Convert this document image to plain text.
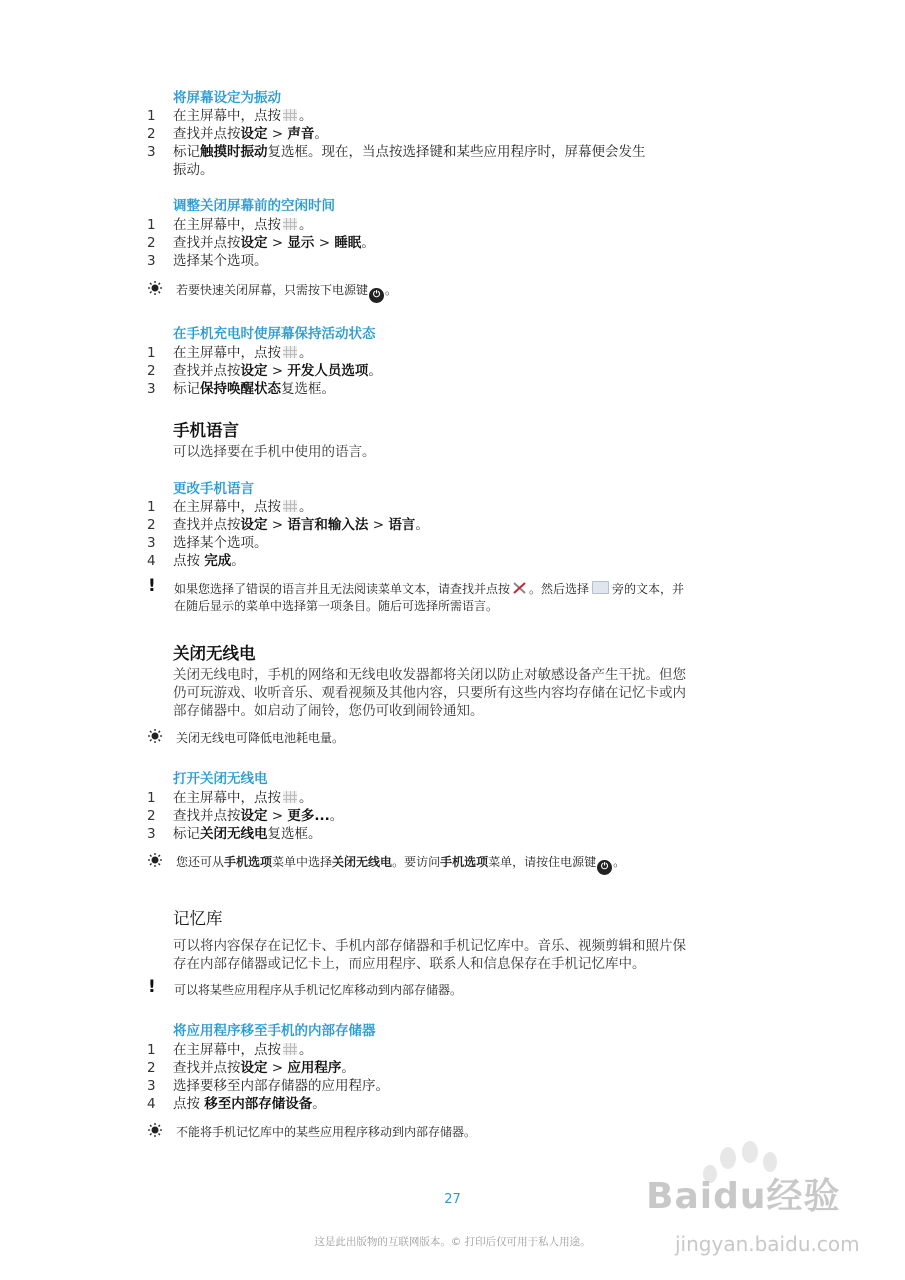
将屏幕设定为振动
1 在主屏幕中，点按 。
2 查找并点按设定 > 声音。
3 标记触摸时振动复选框。现在，当点按选择键和某些应用程序时，屏幕便会发生
振动。
调整关闭屏幕前的空闲时间
1 在主屏幕中，点按 。
2 查找并点按设定 > 显示 > 睡眠。
3 选择某个选项。
若要快速关闭屏幕，只需按下电源键 ⏻ 。
在手机充电时使屏幕保持活动状态
1 在主屏幕中，点按 。
2 查找并点按设定 > 开发人员选项。
3 标记保持唤醒状态复选框。
手机语言
可以选择要在手机中使用的语言。
更改手机语言
1 在主屏幕中，点按 。
2 查找并点按设定 > 语言和输入法 > 语言。
3 选择某个选项。
4 点按 完成。
! 如果您选择了错误的语言并且无法阅读菜单文本，请查找并点按 。然后选择 旁的文本，并
在随后显示的菜单中选择第一项条目。随后可选择所需语言。
关闭无线电
关闭无线电时，手机的网络和无线电收发器都将关闭以防止对敏感设备产生干扰。但您
仍可玩游戏、收听音乐、观看视频及其他内容，只要所有这些内容均存储在记忆卡或内
部存储器中。如启动了闹铃，您仍可收到闹铃通知。
关闭无线电可降低电池耗电量。
打开关闭无线电
1 在主屏幕中，点按 。
2 查找并点按设定 > 更多...。
3 标记关闭无线电复选框。
您还可从手机选项菜单中选择关闭无线电。要访问手机选项菜单，请按住电源键 ⏻ 。
记忆库
可以将内容保存在记忆卡、手机内部存储器和手机记忆库中。音乐、视频剪辑和照片保
存在内部存储器或记忆卡上，而应用程序、联系人和信息保存在手机记忆库中。
! 可以将某些应用程序从手机记忆库移动到内部存储器。
将应用程序移至手机的内部存储器
1 在主屏幕中，点按 。
2 查找并点按设定 > 应用程序。
3 选择要移至内部存储器的应用程序。
4 点按 移至内部存储设备。
不能将手机记忆库中的某些应用程序移动到内部存储器。
27
这是此出版物的互联网版本。© 打印后仅可用于私人用途。
Baidu经验
jingyan.baidu.com
